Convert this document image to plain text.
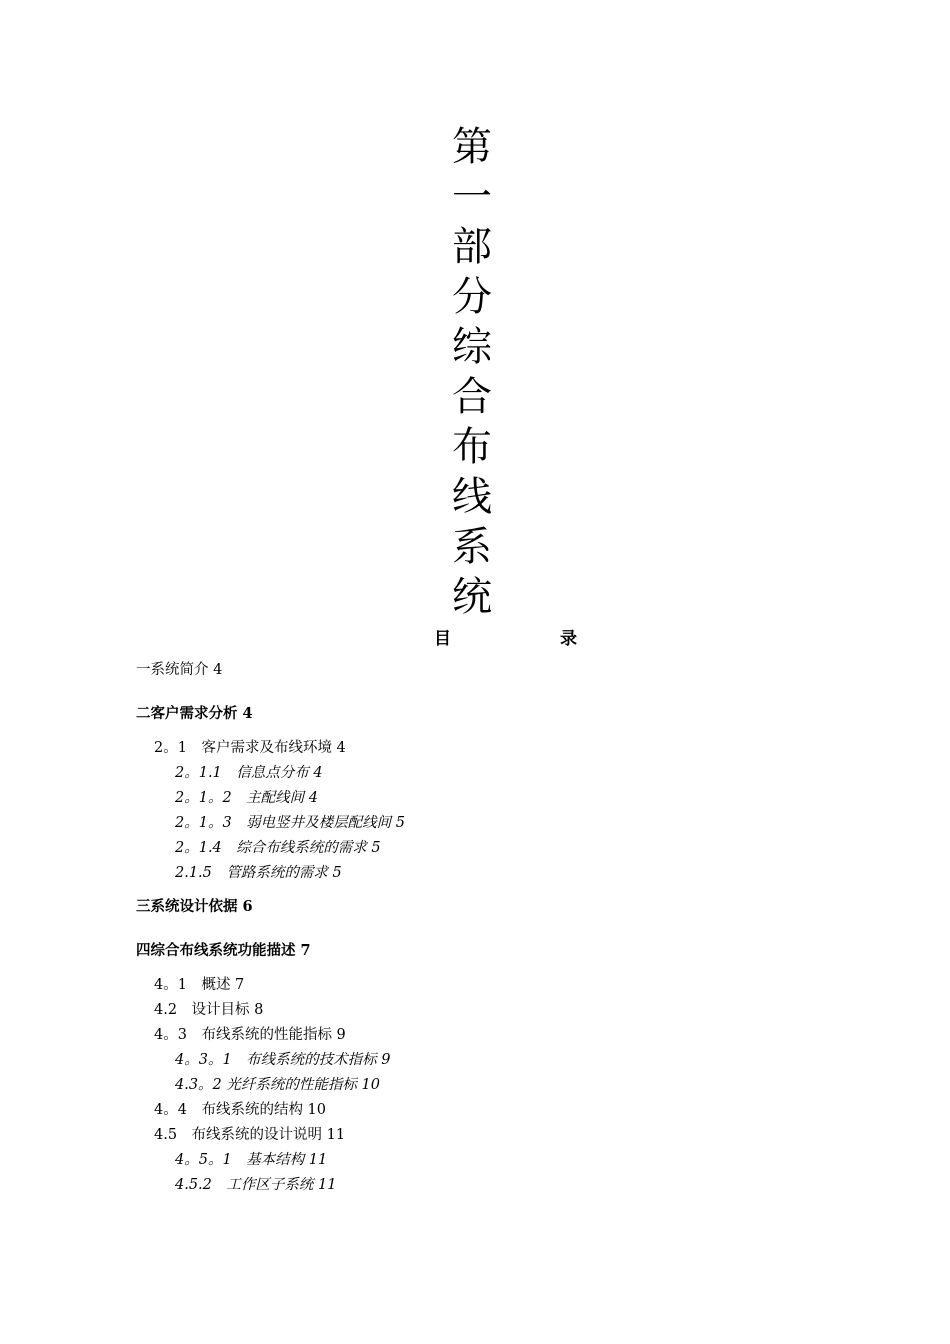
第
一
部
分
综
合
布
线
系
统
目　录
一系统简介 4
二客户需求分析 4
2。1　客户需求及布线环境 4
2。1.1　信息点分布 4
2。1。2　主配线间 4
2。1。3　弱电竖井及楼层配线间 5
2。1.4　综合布线系统的需求 5
2.1.5　管路系统的需求 5
三系统设计依据 6
四综合布线系统功能描述 7
4。1　概述 7
4.2　设计目标 8
4。3　布线系统的性能指标 9
4。3。1　布线系统的技术指标 9
4.3。2 光纤系统的性能指标 10
4。4　布线系统的结构 10
4.5　布线系统的设计说明 11
4。5。1　基本结构 11
4.5.2　工作区子系统 11
